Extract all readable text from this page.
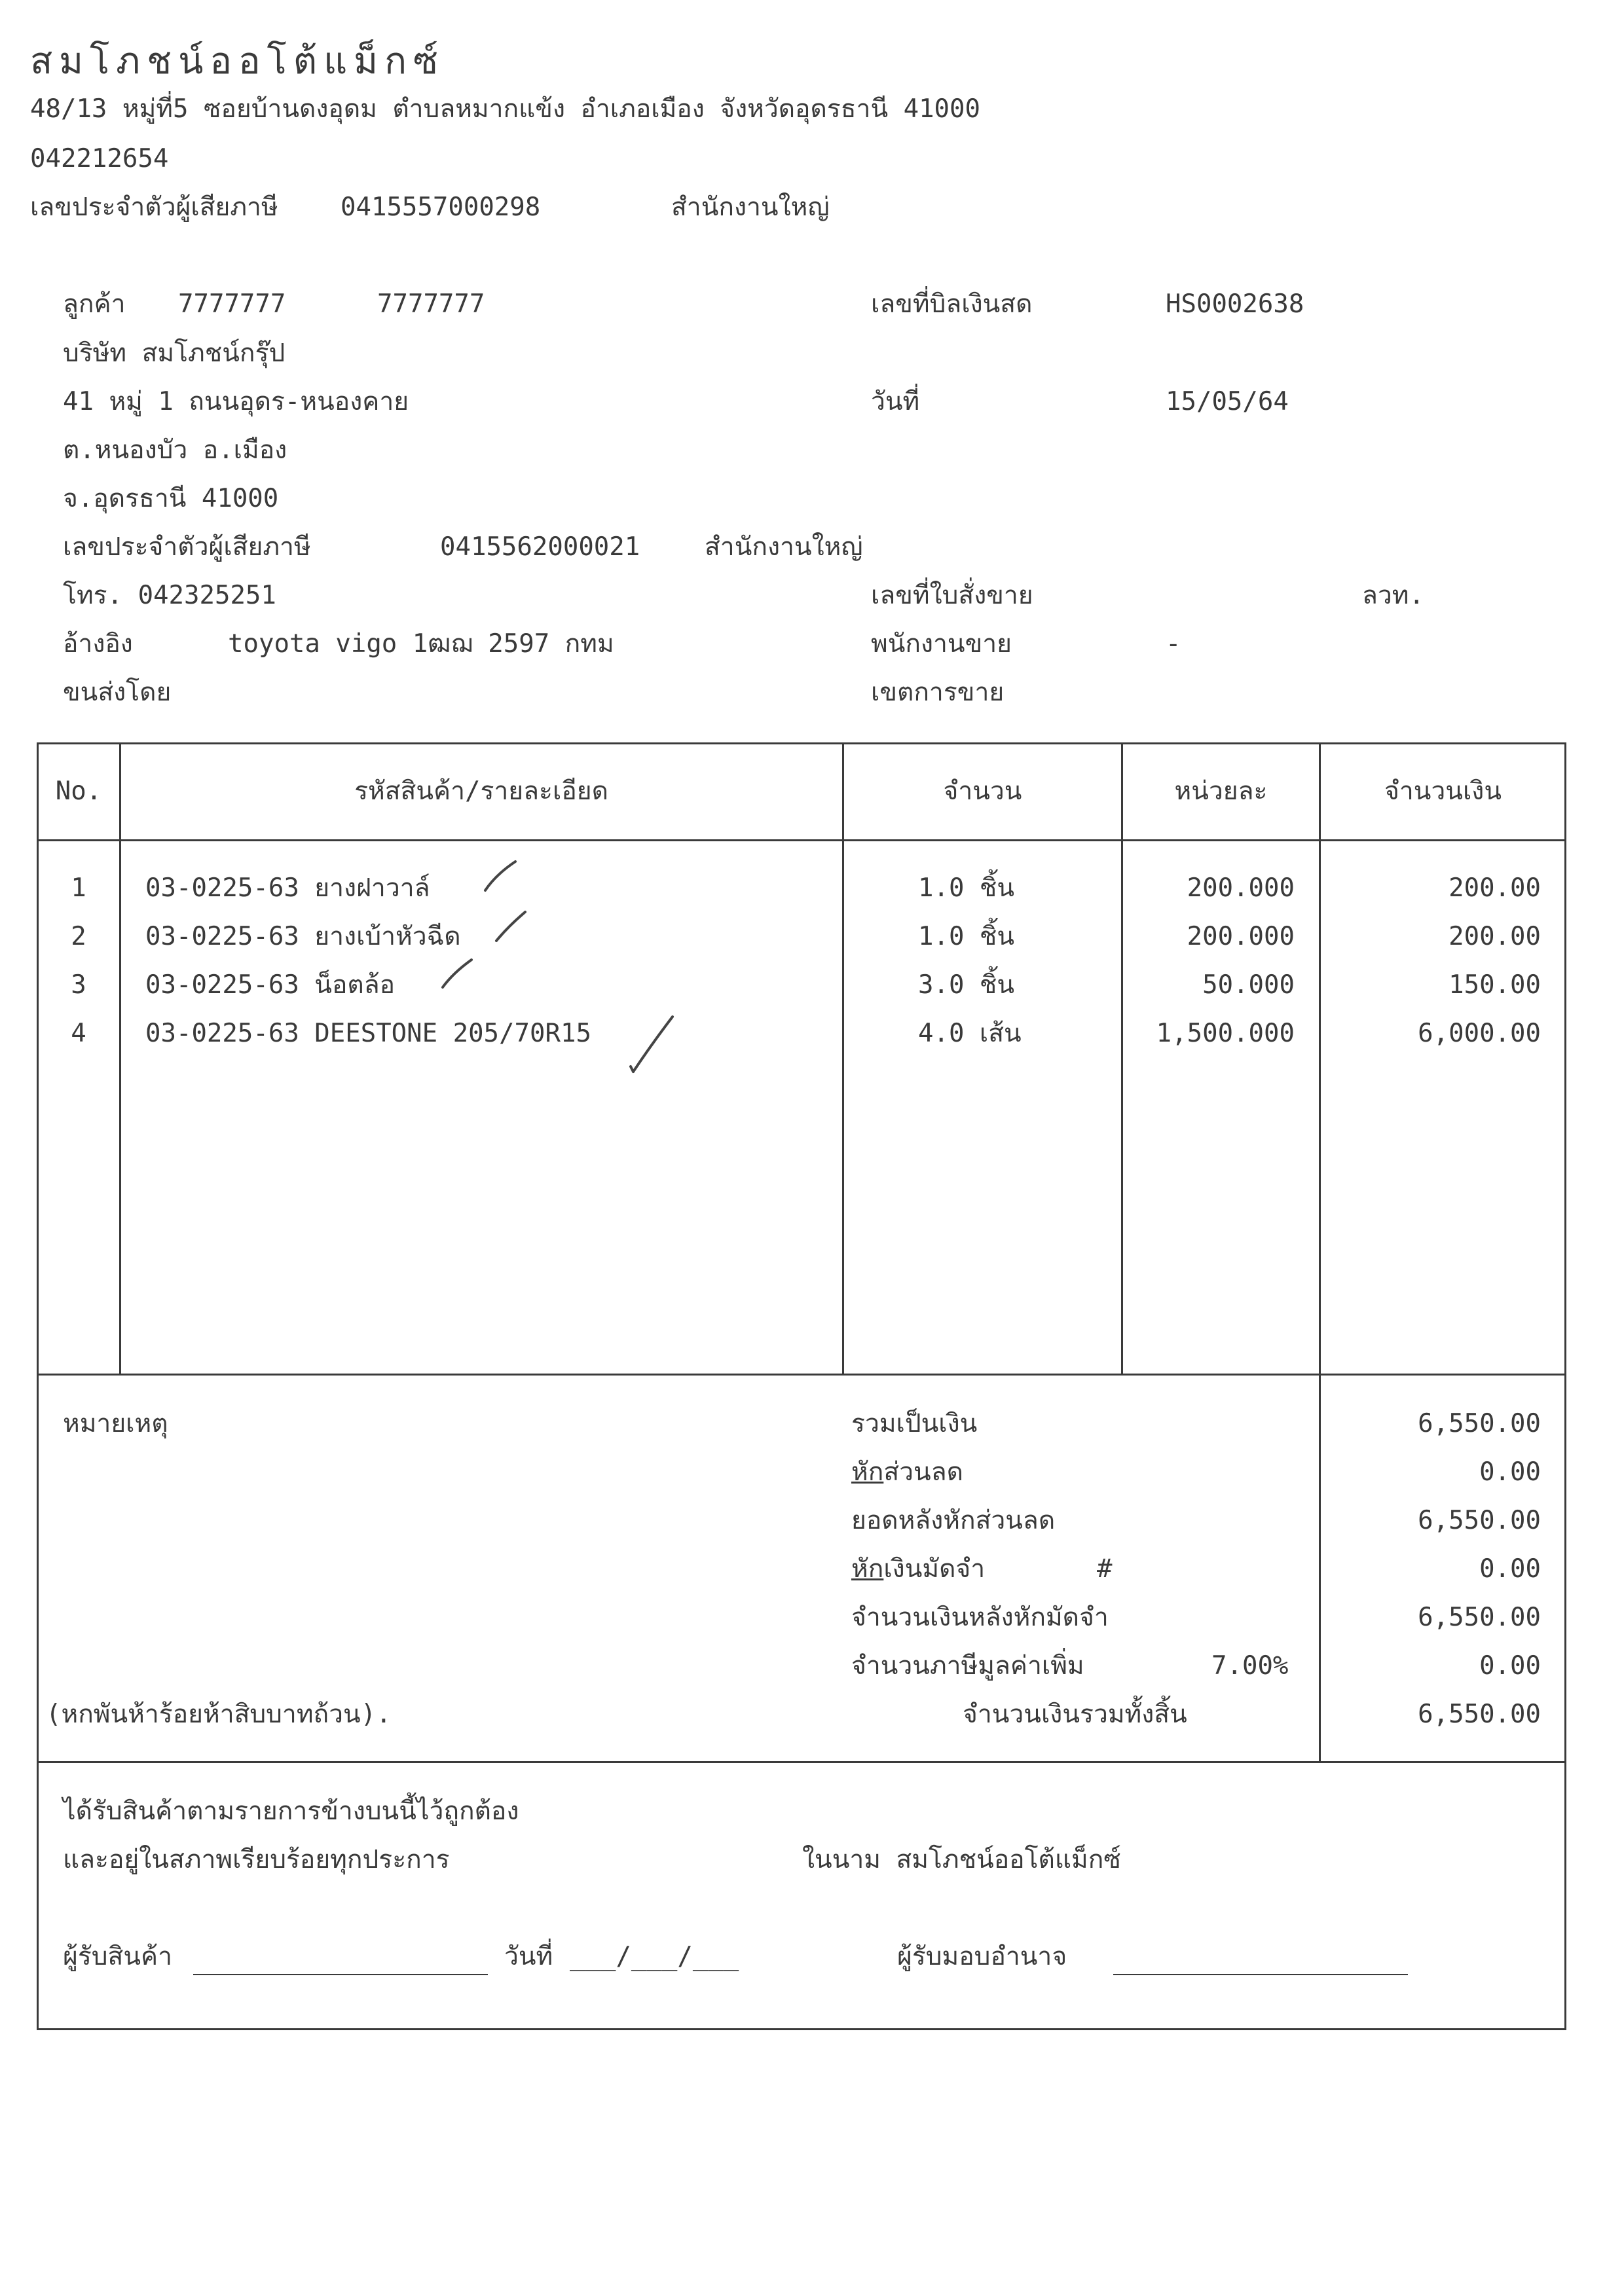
สมโภชน์ออโต้แม็กซ์
48/13 หมู่ที่5 ซอยบ้านดงอุดม ตำบลหมากแข้ง อำเภอเมือง จังหวัดอุดรธานี 41000
042212654
เลขประจำตัวผู้เสียภาษี 0415557000298	สำนักงานใหญ่
ลูกค้า 7777777	7777777
บริษัท สมโภชน์กรุ๊ป
41 หมู่ 1 ถนนอุดร-หนองคาย
ต.หนองบัว อ.เมือง
จ.อุดรธานี 41000
เลขประจำตัวผู้เสียภาษี	0415562000021	สำนักงานใหญ่
โทร. 042325251
อ้างอิง	toyota vigo 1ฒฌ 2597 กทม
ขนส่งโดย
เลขที่บิลเงินสด	HS0002638
วันที่	15/05/64
เลขที่ใบสั่งขาย	ลวท.
พนักงานขาย	-
เขตการขาย
No.	รหัสสินค้า/รายละเอียด	จำนวน	หน่วยละ	จำนวนเงิน
1	03-0225-63 ยางฝาวาล์	1.0 ชิ้น	200.000	200.00
2	03-0225-63 ยางเบ้าหัวฉีด	1.0 ชิ้น	200.000	200.00
3	03-0225-63 น็อตล้อ	3.0 ชิ้น	50.000	150.00
4	03-0225-63 DEESTONE 205/70R15	4.0 เส้น	1,500.000	6,000.00
หมายเหตุ	รวมเป็นเงิน	6,550.00
หักส่วนลด	0.00
ยอดหลังหักส่วนลด	6,550.00
หักเงินมัดจำ	#	0.00
จำนวนเงินหลังหักมัดจำ	6,550.00
จำนวนภาษีมูลค่าเพิ่ม	7.00%	0.00
(หกพันห้าร้อยห้าสิบบาทถ้วน).	จำนวนเงินรวมทั้งสิ้น	6,550.00
ได้รับสินค้าตามรายการข้างบนนี้ไว้ถูกต้อง
และอยู่ในสภาพเรียบร้อยทุกประการ	ในนาม สมโภชน์ออโต้แม็กซ์
ผู้รับสินค้า	วันที่ ___/___/___	ผู้รับมอบอำนาจ
